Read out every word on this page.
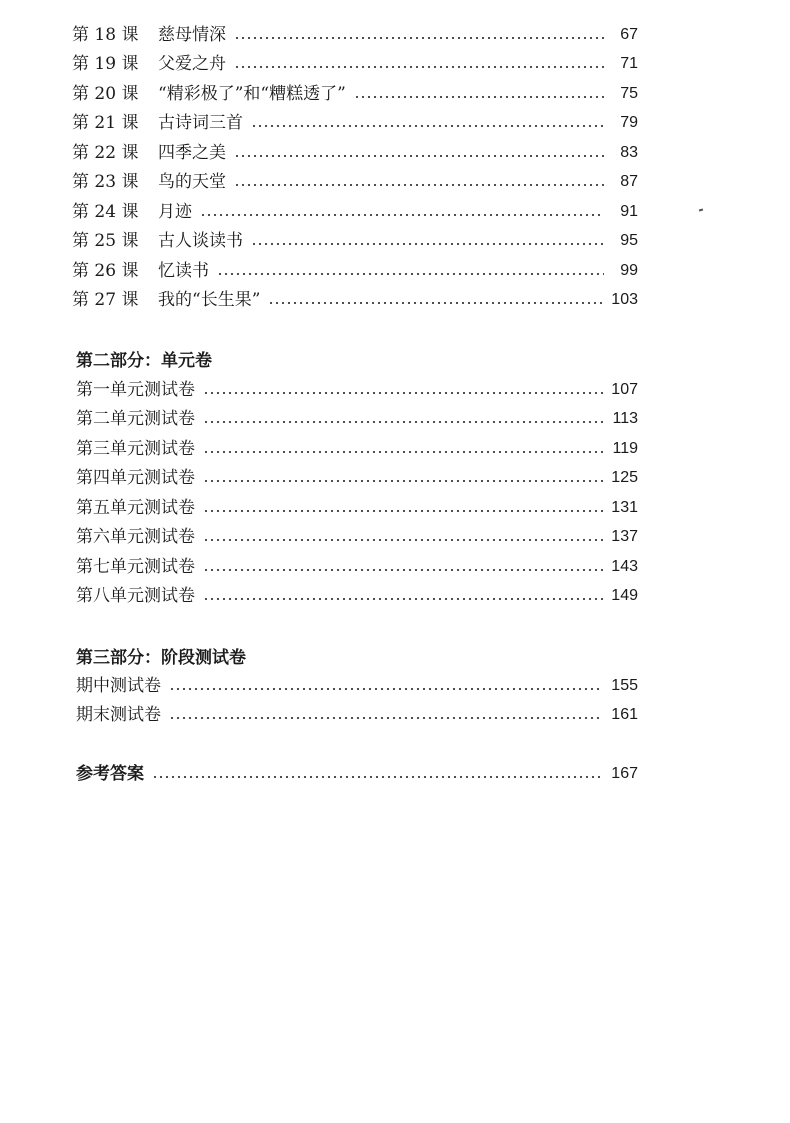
第 18 课	慈母情深	67
第 19 课	父爱之舟	71
第 20 课	“精彩极了”和“糟糕透了”	75
第 21 课	古诗词三首	79
第 22 课	四季之美	83
第 23 课	鸟的天堂	87
第 24 课	月迹	91
第 25 课	古人谈读书	95
第 26 课	忆读书	99
第 27 课	我的“长生果”	103
第二部分：单元卷
第一单元测试卷	107
第二单元测试卷	113
第三单元测试卷	119
第四单元测试卷	125
第五单元测试卷	131
第六单元测试卷	137
第七单元测试卷	143
第八单元测试卷	149
第三部分：阶段测试卷
期中测试卷	155
期末测试卷	161
参考答案	167
